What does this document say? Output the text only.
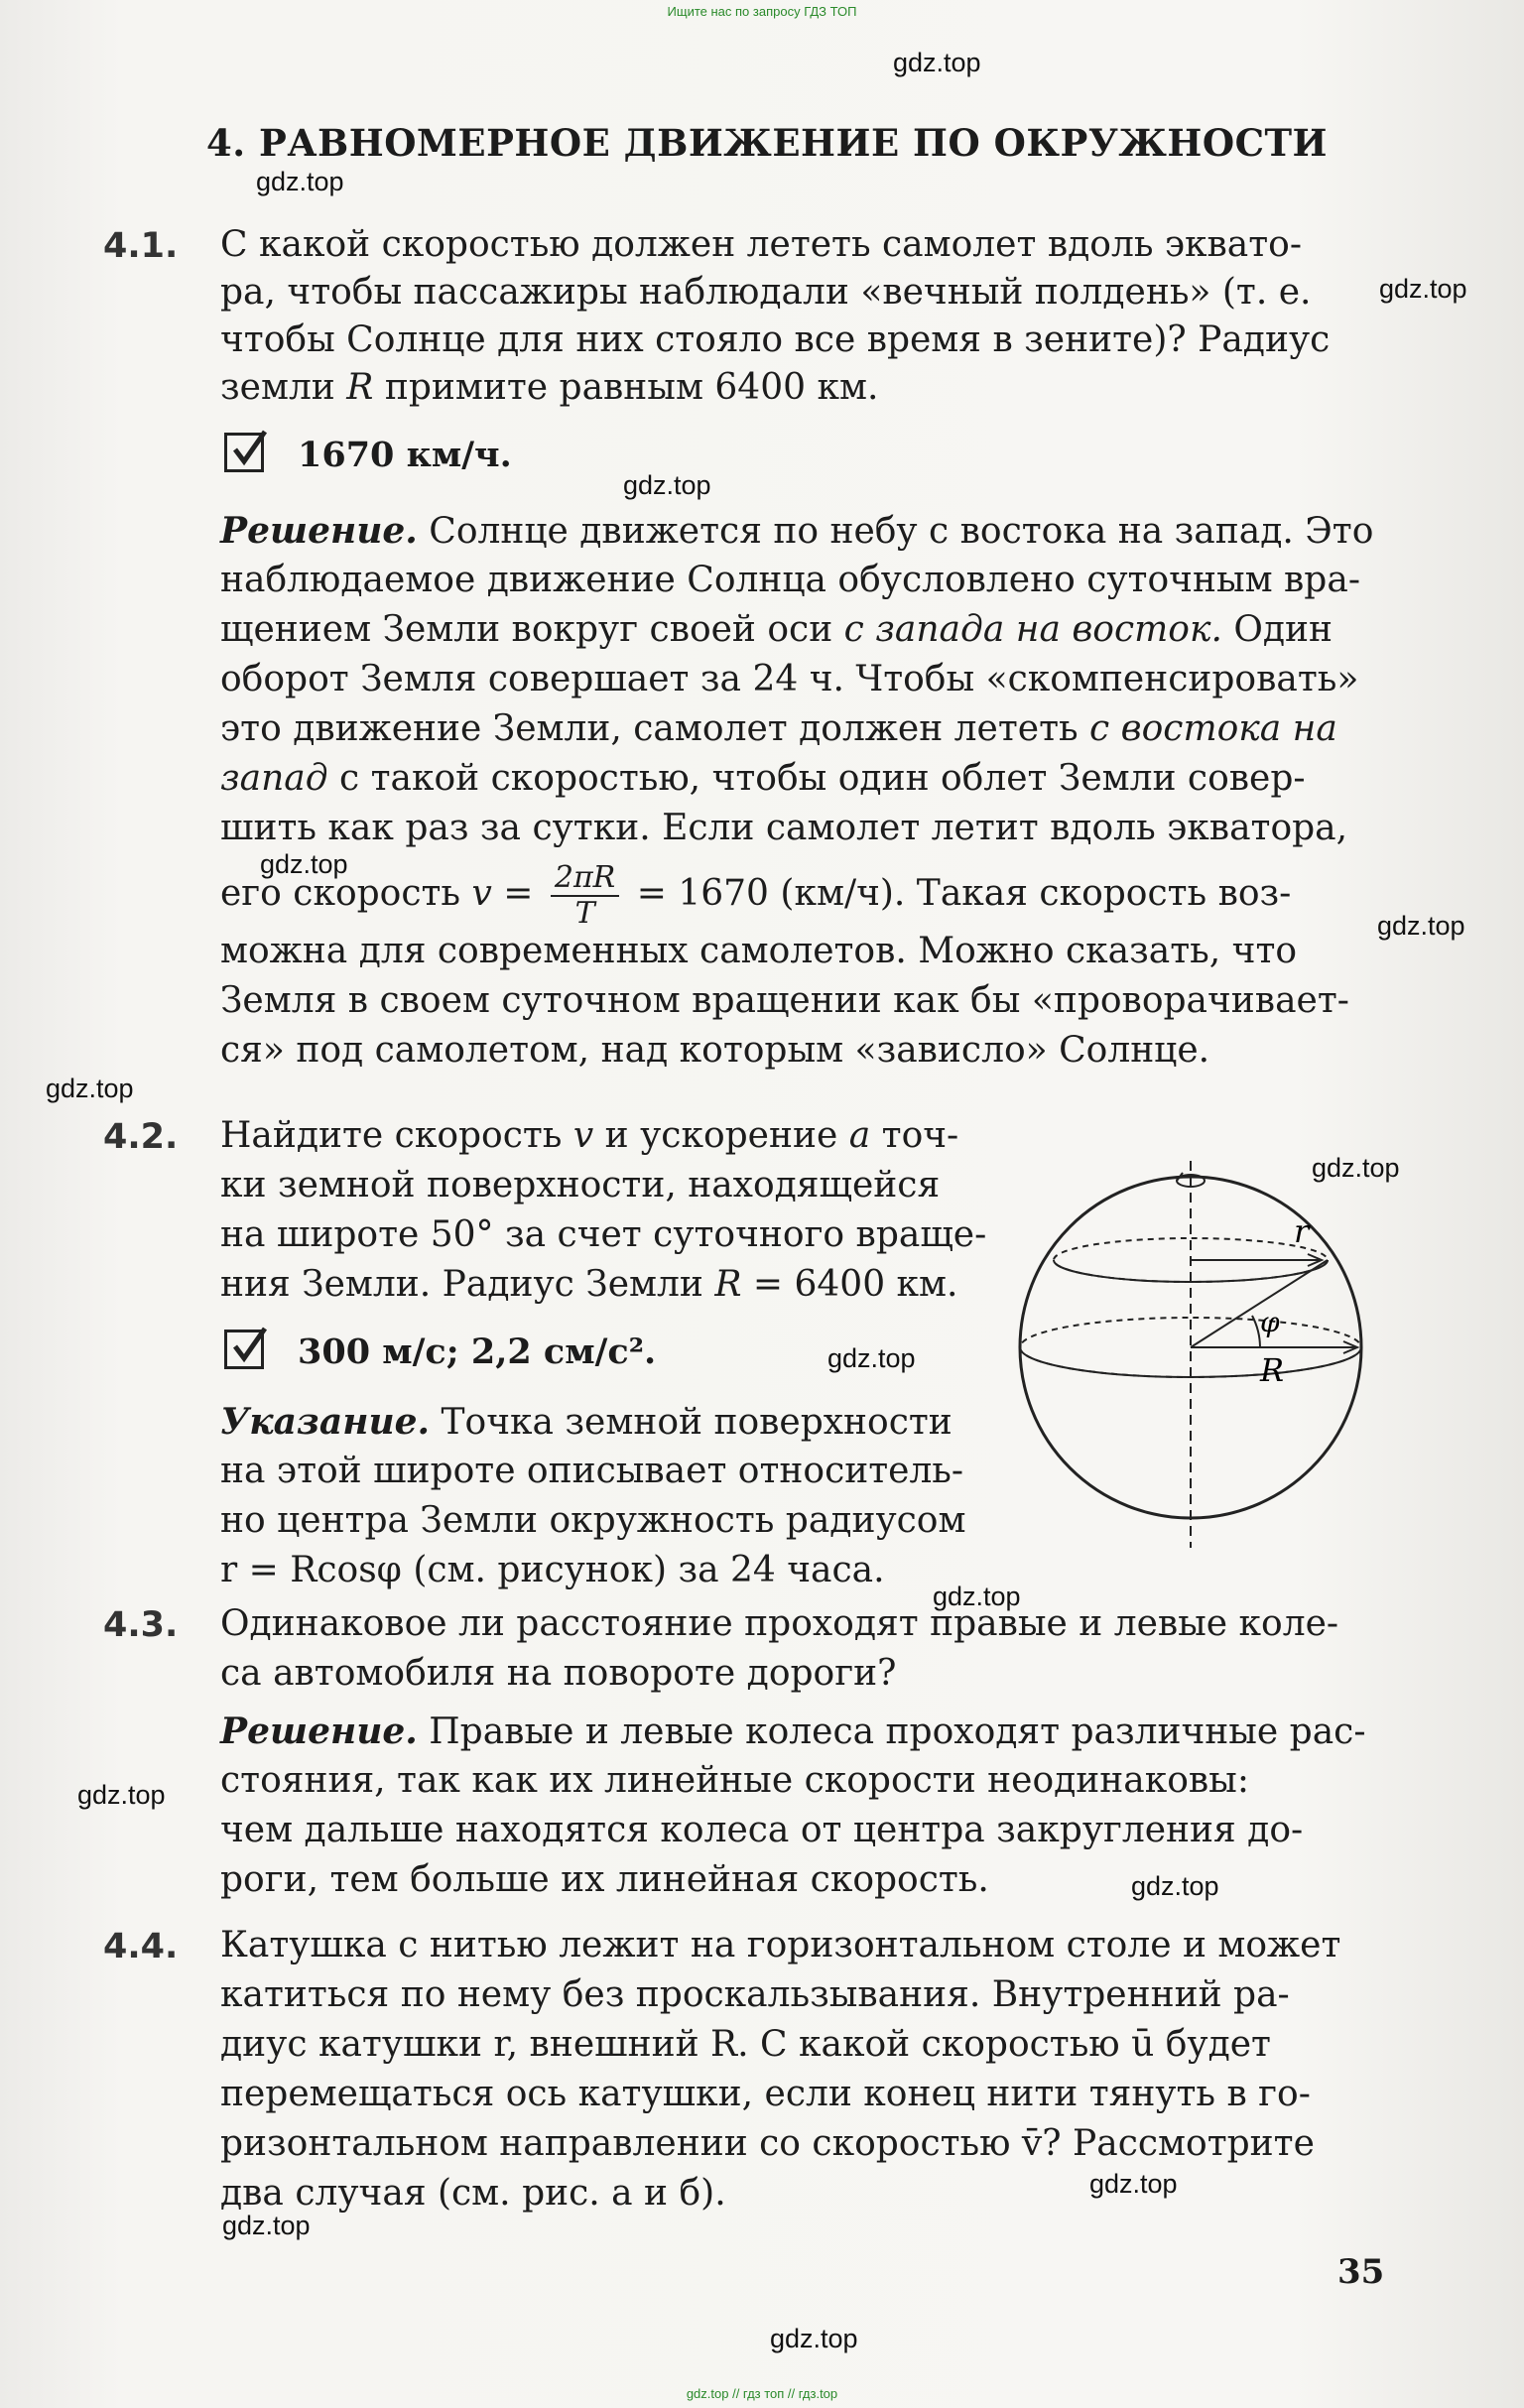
Ищите нас по запросу ГДЗ ТОП
gdz.top // гдз топ // гдз.top
gdz.top
gdz.top
gdz.top
gdz.top
gdz.top
gdz.top
gdz.top
gdz.top
gdz.top
gdz.top
gdz.top
gdz.top
gdz.top
gdz.top
gdz.top
4. РАВНОМЕРНОЕ ДВИЖЕНИЕ ПО ОКРУЖНОСТИ
4.1. С какой скоростью должен лететь самолет вдоль эквато-
ра, чтобы пассажиры наблюдали «вечный полдень» (т. е.
чтобы Солнце для них стояло все время в зените)? Радиус
земли R примите равным 6400 км.
1670 км/ч.
Решение. Солнце движется по небу с востока на запад. Это
наблюдаемое движение Солнца обусловлено суточным вра-
щением Земли вокруг своей оси с запада на восток. Один
оборот Земля совершает за 24 ч. Чтобы «скомпенсировать»
это движение Земли, самолет должен лететь с востока на
запад с такой скоростью, чтобы один облет Земли совер-
шить как раз за сутки. Если самолет летит вдоль экватора,
его скорость $v = \frac{2\pi R}{T} = 1670$ (км/ч). Такая скорость воз-
можна для современных самолетов. Можно сказать, что
Земля в своем суточном вращении как бы «проворачивает-
ся» под самолетом, над которым «зависло» Солнце.
4.2. Найдите скорость v и ускорение a точ-
ки земной поверхности, находящейся
на широте 50° за счет суточного враще-
ния Земли. Радиус Земли R = 6400 км.
300 м/с; 2,2 см/с².
Указание. Точка земной поверхности
на этой широте описывает относитель-
но центра Земли окружность радиусом
r = Rcosφ (см. рисунок) за 24 часа.
r
φ
R
4.3. Одинаковое ли расстояние проходят правые и левые коле-
са автомобиля на повороте дороги?
Решение. Правые и левые колеса проходят различные рас-
стояния, так как их линейные скорости неодинаковы:
чем дальше находятся колеса от центра закругления до-
роги, тем больше их линейная скорость.
4.4. Катушка с нитью лежит на горизонтальном столе и может
катиться по нему без проскальзывания. Внутренний ра-
диус катушки r, внешний R. С какой скоростью ū будет
перемещаться ось катушки, если конец нити тянуть в го-
ризонтальном направлении со скоростью v̄? Рассмотрите
два случая (см. рис. а и б).
35
